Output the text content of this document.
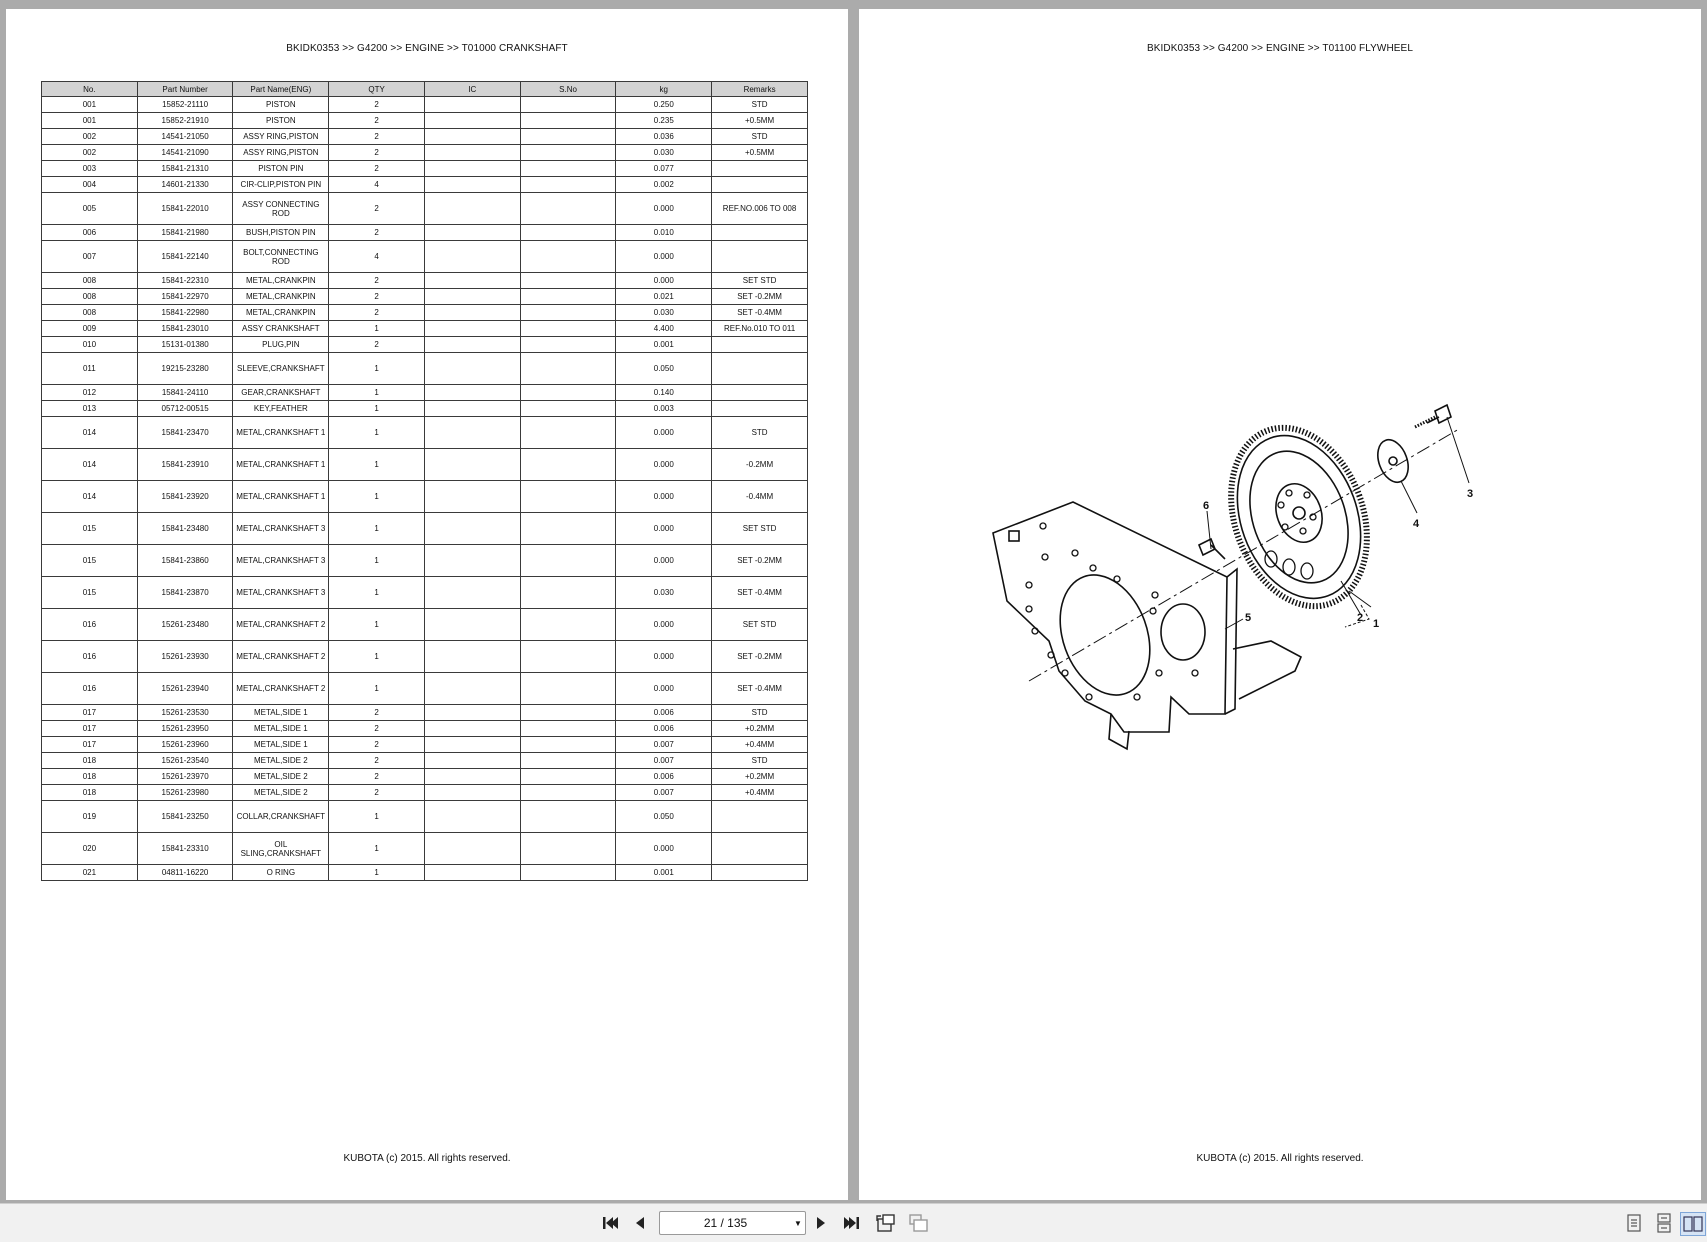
BKIDK0353 >> G4200 >> ENGINE >> T01000 CRANKSHAFT
No.	Part Number	Part Name(ENG)	QTY	IC	S.No	kg	Remarks
001	15852-21110	PISTON	2			0.250	STD
001	15852-21910	PISTON	2			0.235	+0.5MM
002	14541-21050	ASSY RING,PISTON	2			0.036	STD
002	14541-21090	ASSY RING,PISTON	2			0.030	+0.5MM
003	15841-21310	PISTON PIN	2			0.077	
004	14601-21330	CIR-CLIP,PISTON PIN	4			0.002	
005	15841-22010	ASSY CONNECTING ROD	2			0.000	REF.NO.006 TO 008
006	15841-21980	BUSH,PISTON PIN	2			0.010	
007	15841-22140	BOLT,CONNECTING ROD	4			0.000	
008	15841-22310	METAL,CRANKPIN	2			0.000	SET STD
008	15841-22970	METAL,CRANKPIN	2			0.021	SET -0.2MM
008	15841-22980	METAL,CRANKPIN	2			0.030	SET -0.4MM
009	15841-23010	ASSY CRANKSHAFT	1			4.400	REF.No.010 TO 011
010	15131-01380	PLUG,PIN	2			0.001	
011	19215-23280	SLEEVE,CRANKSHAFT	1			0.050	
012	15841-24110	GEAR,CRANKSHAFT	1			0.140	
013	05712-00515	KEY,FEATHER	1			0.003	
014	15841-23470	METAL,CRANKSHAFT 1	1			0.000	STD
014	15841-23910	METAL,CRANKSHAFT 1	1			0.000	-0.2MM
014	15841-23920	METAL,CRANKSHAFT 1	1			0.000	-0.4MM
015	15841-23480	METAL,CRANKSHAFT 3	1			0.000	SET STD
015	15841-23860	METAL,CRANKSHAFT 3	1			0.000	SET -0.2MM
015	15841-23870	METAL,CRANKSHAFT 3	1			0.030	SET -0.4MM
016	15261-23480	METAL,CRANKSHAFT 2	1			0.000	SET STD
016	15261-23930	METAL,CRANKSHAFT 2	1			0.000	SET -0.2MM
016	15261-23940	METAL,CRANKSHAFT 2	1			0.000	SET -0.4MM
017	15261-23530	METAL,SIDE 1	2			0.006	STD
017	15261-23950	METAL,SIDE 1	2			0.006	+0.2MM
017	15261-23960	METAL,SIDE 1	2			0.007	+0.4MM
018	15261-23540	METAL,SIDE 2	2			0.007	STD
018	15261-23970	METAL,SIDE 2	2			0.006	+0.2MM
018	15261-23980	METAL,SIDE 2	2			0.007	+0.4MM
019	15841-23250	COLLAR,CRANKSHAFT	1			0.050	
020	15841-23310	OIL SLING,CRANKSHAFT	1			0.000	
021	04811-16220	O RING	1			0.001	
KUBOTA (c) 2015. All rights reserved.
BKIDK0353 >> G4200 >> ENGINE >> T01100 FLYWHEEL
1
2
3
4
5
6
KUBOTA (c) 2015. All rights reserved.
21 / 135	▼
